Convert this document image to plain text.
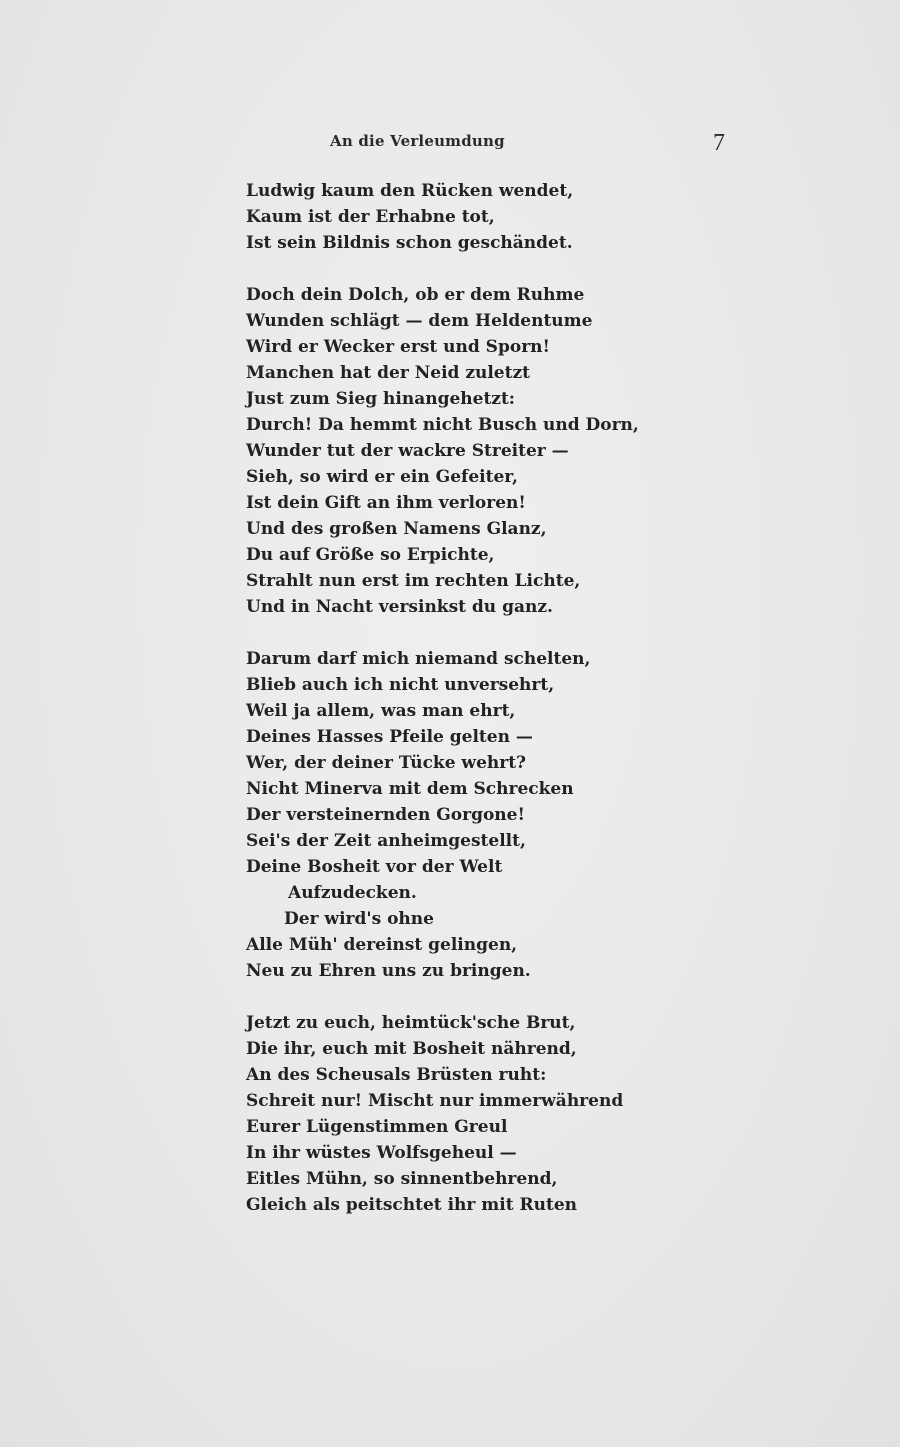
An die Verleumdung	7
Ludwig kaum den Rücken wendet,
Kaum ist der Erhabne tot,
Ist sein Bildnis schon geschändet.
Doch dein Dolch, ob er dem Ruhme
Wunden schlägt — dem Heldentume
Wird er Wecker erst und Sporn!
Manchen hat der Neid zuletzt
Just zum Sieg hinangehetzt:
Durch! Da hemmt nicht Busch und Dorn,
Wunder tut der wackre Streiter —
Sieh, so wird er ein Gefeiter,
Ist dein Gift an ihm verloren!
Und des großen Namens Glanz,
Du auf Größe so Erpichte,
Strahlt nun erst im rechten Lichte,
Und in Nacht versinkst du ganz.
Darum darf mich niemand schelten,
Blieb auch ich nicht unversehrt,
Weil ja allem, was man ehrt,
Deines Hasses Pfeile gelten —
Wer, der deiner Tücke wehrt?
Nicht Minerva mit dem Schrecken
Der versteinernden Gorgone!
Sei's der Zeit anheimgestellt,
Deine Bosheit vor der Welt
Aufzudecken.
Der wird's ohne
Alle Müh' dereinst gelingen,
Neu zu Ehren uns zu bringen.
Jetzt zu euch, heimtück'sche Brut,
Die ihr, euch mit Bosheit nährend,
An des Scheusals Brüsten ruht:
Schreit nur! Mischt nur immerwährend
Eurer Lügenstimmen Greul
In ihr wüstes Wolfsgeheul —
Eitles Mühn, so sinnentbehrend,
Gleich als peitschtet ihr mit Ruten
